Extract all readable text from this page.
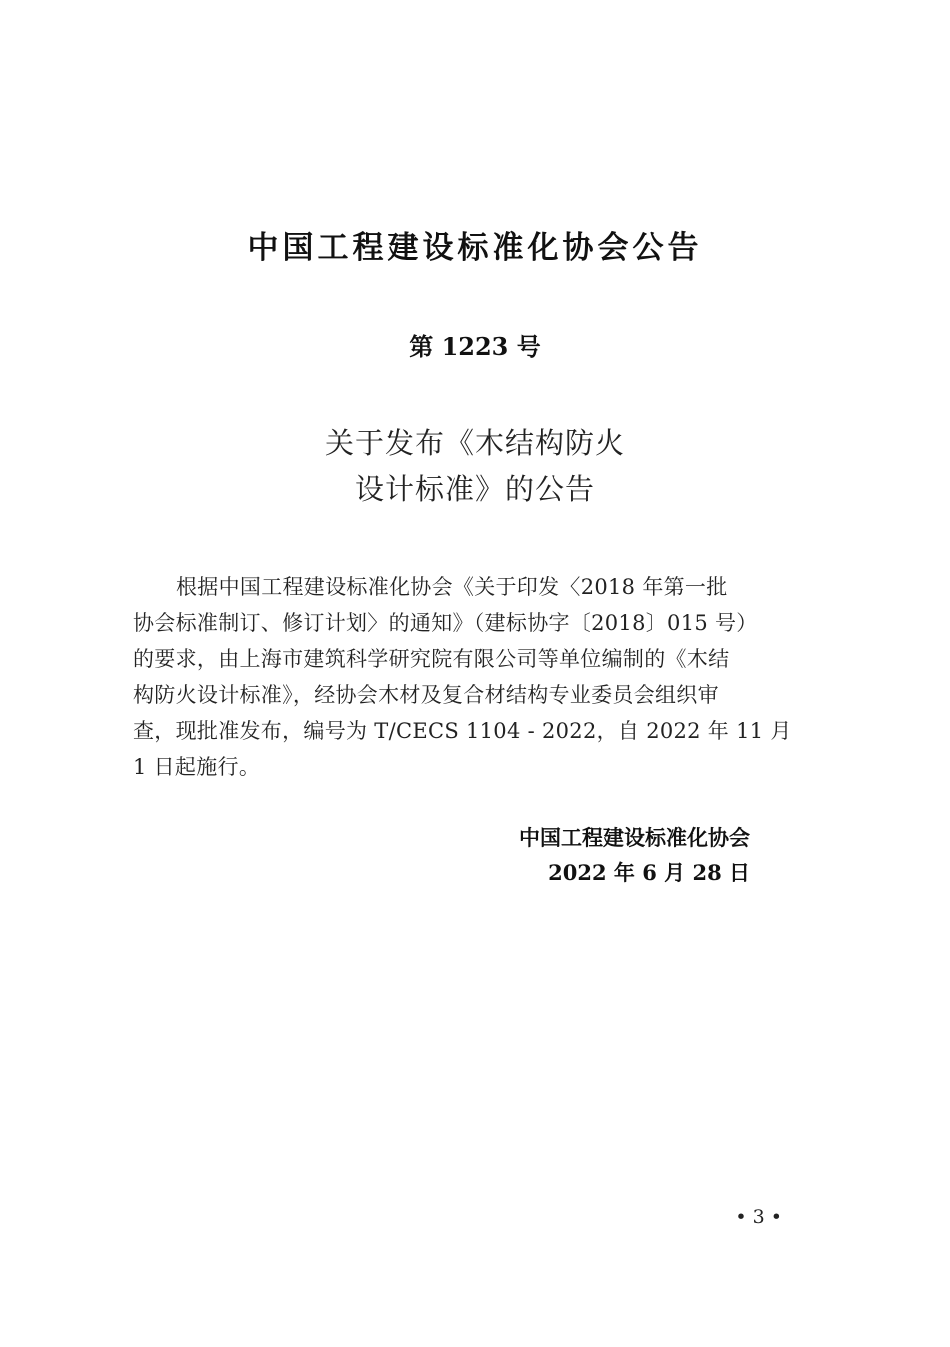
中国工程建设标准化协会公告
第 1223 号
关于发布《木结构防火
设计标准》的公告
根据中国工程建设标准化协会《关于印发〈2018 年第一批
协会标准制订、修订计划〉的通知》（建标协字〔2018〕015 号）
的要求，由上海市建筑科学研究院有限公司等单位编制的《木结
构防火设计标准》，经协会木材及复合材结构专业委员会组织审
查，现批准发布，编号为 T/CECS 1104 - 2022，自 2022 年 11 月
1 日起施行。
中国工程建设标准化协会
2022 年 6 月 28 日
• 3 •
